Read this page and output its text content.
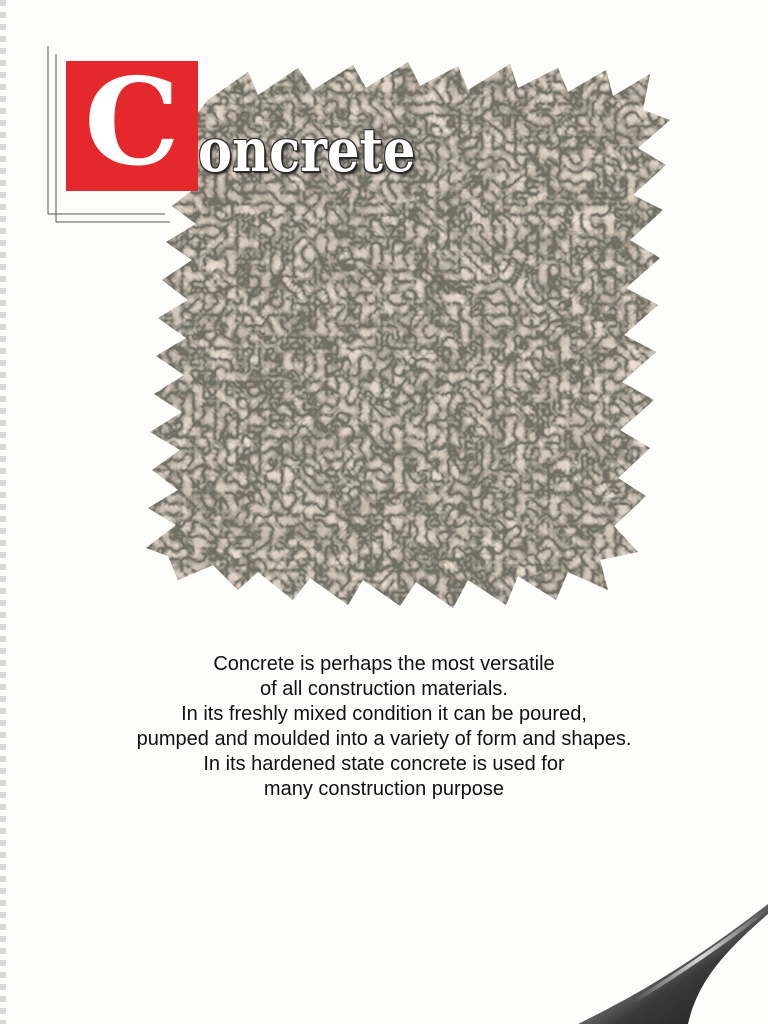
C oncrete
Concrete is perhaps the most versatile
of all construction materials.
In its freshly mixed condition it can be poured,
pumped and moulded into a variety of form and shapes.
In its hardened state concrete is used for
many construction purpose
